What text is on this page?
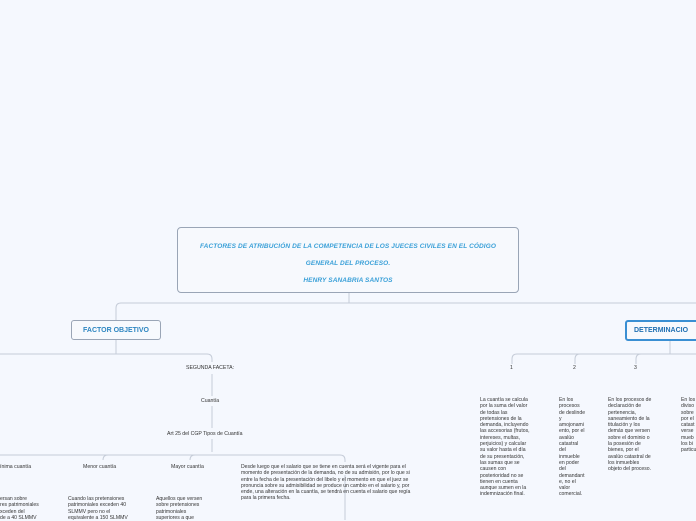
FACTORES DE ATRIBUCIÓN DE LA COMPETENCIA DE LOS JUECES CIVILES EN EL CÓDIGO
GENERAL DEL PROCESO.
HENRY SANABRIA SANTOS
FACTOR OBJETIVO	DETERMINACIO
SEGUNDA FACETA:
Cuantía
Art 25 del CGP Tipos de Cuantía
ínima cuantía	Menor cuantía	Mayor cuantía
ersan sobre
res patrimoniales
xceden del
de a 40 SLMMV
Cuando las pretensiones
patrimoniales exceden 40
SLMMV pero no el
equivalente a 150 SLMMV
Aquellos que versen
sobre pretensiones
patrimoniales
superiores a que
Desde luego que el salario que se tiene en cuenta será el vigente para el
momento de presentación de la demanda, no de su admisión, por lo que si
entre la fecha de la presentación del libelo y el momento en que el juez se
pronuncia sobre su admisibilidad se produce un cambio en el salario y, por
ende, una alteración en la cuantía, se tendrá en cuenta el salario que regía
para la primera fecha.
1	2	3
La cuantía se calcula
por la suma del valor
de todas las
pretensiones de la
demanda, incluyendo
las accesorias (frutos,
intereses, multas,
perjuicios) y calcular
su valor hasta el día
de su presentación,
las sumas que se
causen con
posterioridad no se
tienen en cuenta
aunque sumen en la
indemnización final.
En los
procesos
de deslinde
y
amojonami
ento, por el
avalúo
catastral
del
inmueble
en poder
del
demandant
e, no el
valor
comercial.
En los procesos de
declaración de
pertenencia,
saneamiento de la
titulación y los
demás que versen
sobre el dominio o
la posesión de
bienes, por el
avalúo catastral de
los inmuebles
objeto del proceso.
En los
diviso
sobre
por el
catast
verse
mueb
los bi
particu
